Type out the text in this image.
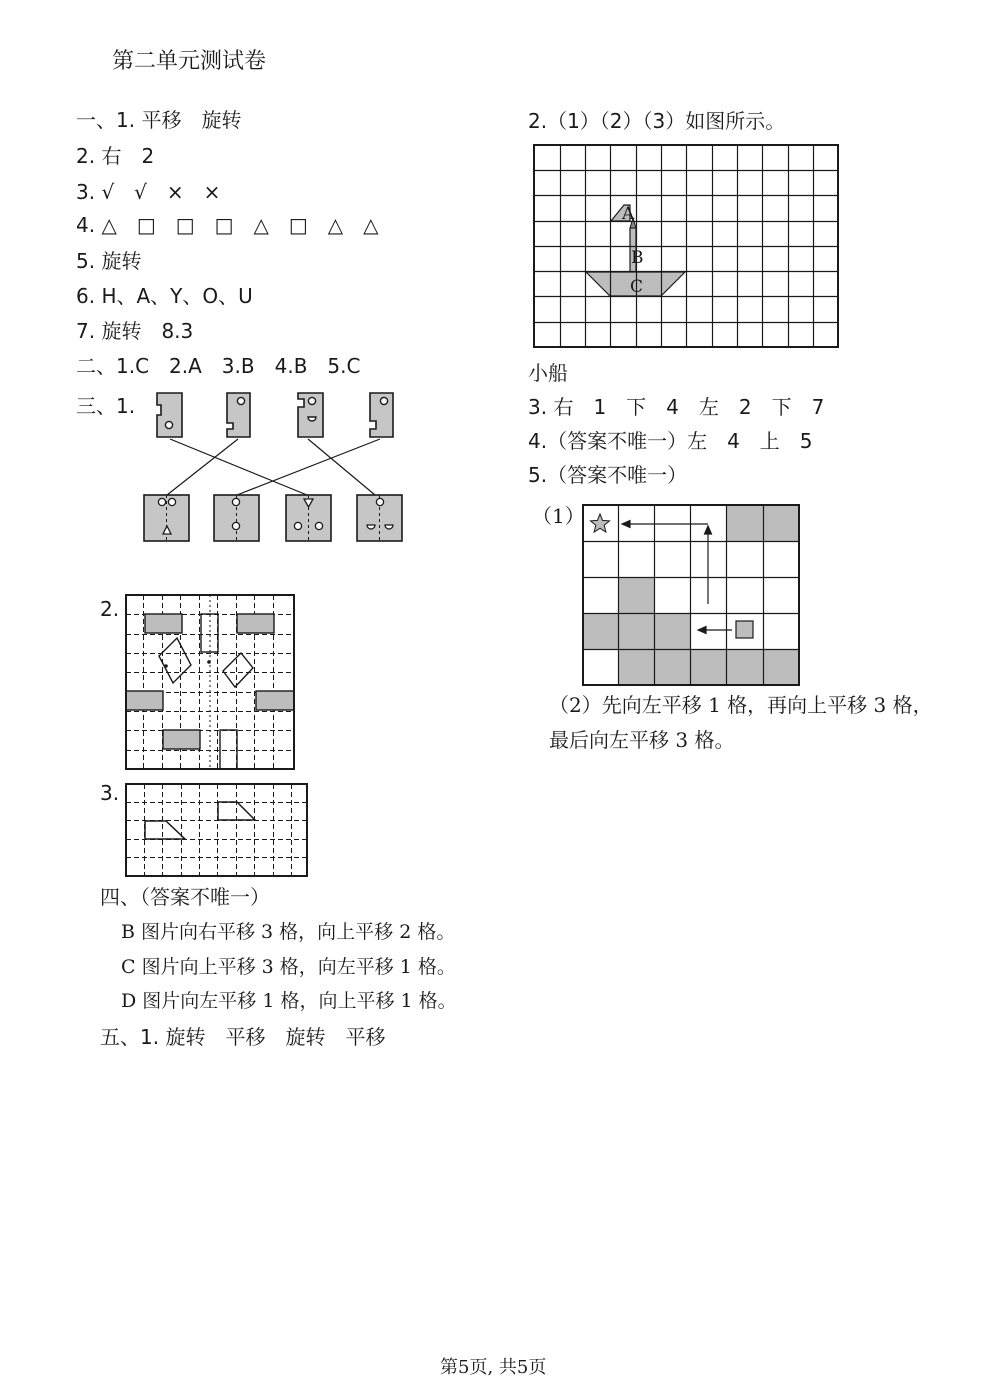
第二单元测试卷
一、1. 平移　旋转
2. 右　2
3. √　√　×　×
4. △　□　□　□　△　□　△　△
5. 旋转
6. H、A、Y、O、U
7. 旋转　8.3
二、1.C　2.A　3.B　4.B　5.C
三、1.
2.
3.
四、（答案不唯一）
B 图片向右平移 3 格，向上平移 2 格。
C 图片向上平移 3 格，向左平移 1 格。
D 图片向左平移 1 格，向上平移 1 格。
五、1. 旋转　平移　旋转　平移
2.（1）（2）（3）如图所示。
A
B
C
小船
3. 右　1　下　4　左　2　下　7
4.（答案不唯一）左　4　上　5
5.（答案不唯一）
（1）
（2）先向左平移 1 格，再向上平移 3 格，
最后向左平移 3 格。
第5页, 共5页
